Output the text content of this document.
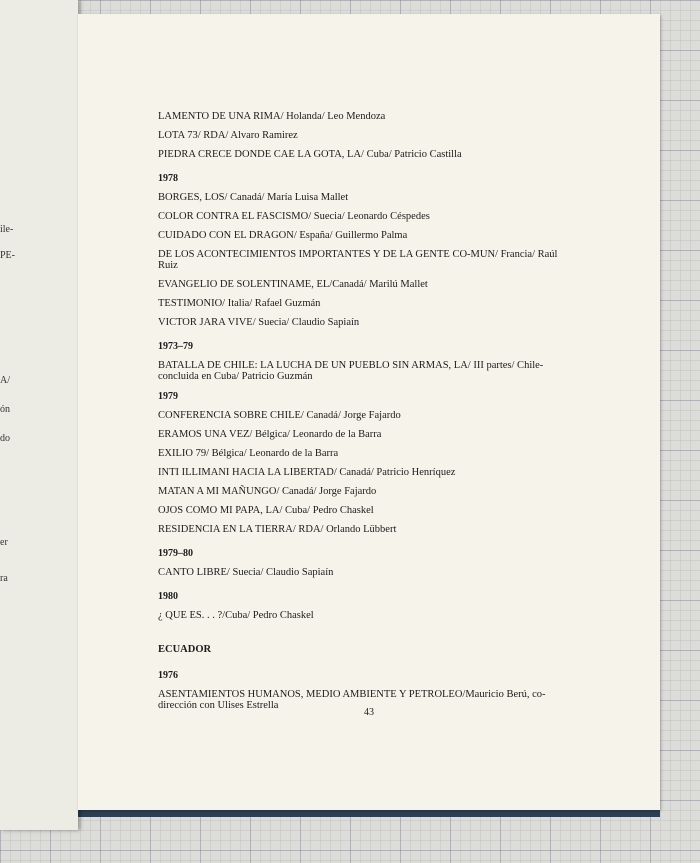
ile-
PE-
A/
ón
do
er
ra
LAMENTO DE UNA RIMA/ Holanda/ Leo Mendoza
LOTA 73/ RDA/ Alvaro Ramirez
PIEDRA CRECE DONDE CAE LA GOTA, LA/ Cuba/ Patricio Castilla
1978
BORGES, LOS/ Canadá/ María Luisa Mallet
COLOR CONTRA EL FASCISMO/ Suecia/ Leonardo Céspedes
CUIDADO CON EL DRAGON/ España/ Guillermo Palma
DE LOS ACONTECIMIENTOS IMPORTANTES Y DE LA GENTE CO-MUN/ Francia/ Raúl Ruiz
EVANGELIO DE SOLENTINAME, EL/Canadá/ Marilú Mallet
TESTIMONIO/ Italia/ Rafael Guzmán
VICTOR JARA VIVE/ Suecia/ Claudio Sapiaín
1973–79
BATALLA DE CHILE: LA LUCHA DE UN PUEBLO SIN ARMAS, LA/ III partes/ Chile-concluida en Cuba/ Patricio Guzmán
1979
CONFERENCIA SOBRE CHILE/ Canadá/ Jorge Fajardo
ERAMOS UNA VEZ/ Bélgica/ Leonardo de la Barra
EXILIO 79/ Bélgica/ Leonardo de la Barra
INTI ILLIMANI HACIA LA LIBERTAD/ Canadá/ Patricio Henríquez
MATAN A MI MAÑUNGO/ Canadá/ Jorge Fajardo
OJOS COMO MI PAPA, LA/ Cuba/ Pedro Chaskel
RESIDENCIA EN LA TIERRA/ RDA/ Orlando Lübbert
1979–80
CANTO LIBRE/ Suecia/ Claudio Sapiaín
1980
¿ QUE ES. . . ?/Cuba/ Pedro Chaskel
ECUADOR
1976
ASENTAMIENTOS HUMANOS, MEDIO AMBIENTE Y PETROLEO/Mauricio Berú, co-dirección con Ulises Estrella
43
